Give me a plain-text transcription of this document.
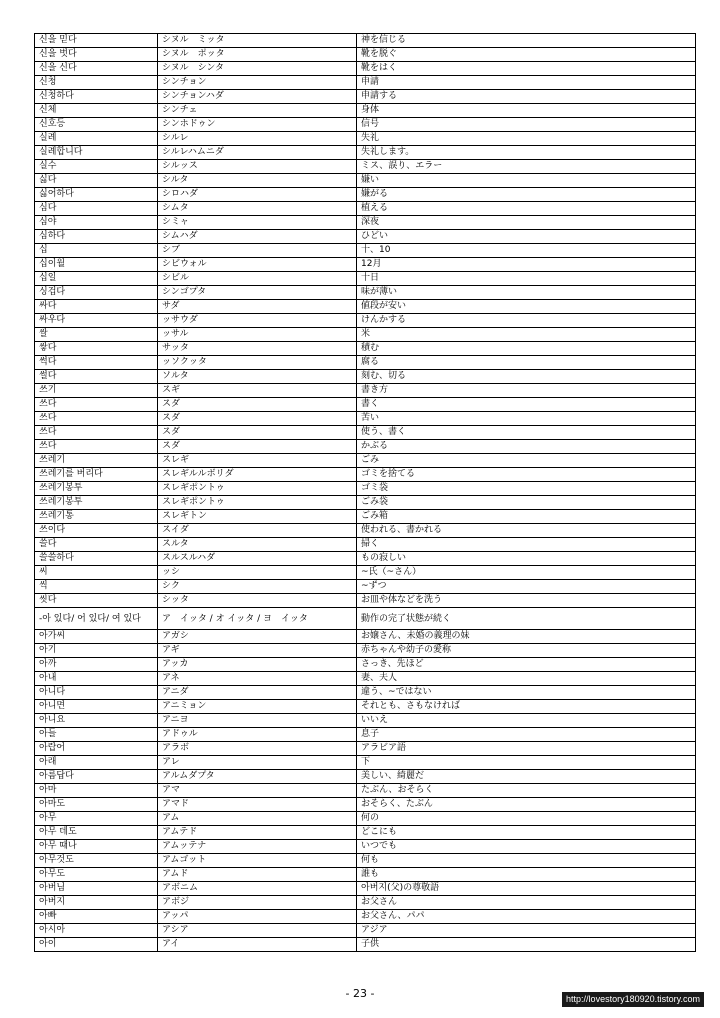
신을 믿다	シヌル　ミッタ	神を信じる
신을 벗다	シヌル　ポッタ	靴を脱ぐ
신을 신다	シヌル　シンタ	靴をはく
신청	シンチョン	申請
신청하다	シンチョンハダ	申請する
신체	シンチェ	身体
신호등	シンホドゥン	信号
실례	シルレ	失礼
실례합니다	シルレハムニダ	失礼します。
실수	シルッス	ミス、誤り、エラー
싫다	シルタ	嫌い
싫어하다	シロハダ	嫌がる
심다	シムタ	植える
심야	シミャ	深夜
심하다	シムハダ	ひどい
십	シブ	十、10
십이월	シビウォル	12月
십일	シビル	十日
싱겁다	シンゴプタ	味が薄い
싸다	サダ	値段が安い
싸우다	ッサウダ	けんかする
쌀	ッサル	米
쌓다	サッタ	積む
썩다	ッソクッタ	腐る
썰다	ソルタ	刻む、切る
쓰기	スギ	書き方
쓰다	スダ	書く
쓰다	スダ	苦い
쓰다	スダ	使う、書く
쓰다	スダ	かぶる
쓰레기	スレギ	ごみ
쓰레기를 버리다	スレギルルボリダ	ゴミを捨てる
쓰레기봉투	スレギポントゥ	ゴミ袋
쓰레기봉투	スレギポントゥ	ごみ袋
쓰레기통	スレギトン	ごみ箱
쓰이다	スイダ	使われる、書かれる
쓸다	スルタ	掃く
쓸쓸하다	スルスルハダ	もの寂しい
씨	ッシ	~氏（~さん）
씩	シク	~ずつ
씻다	シッタ	お皿や体などを洗う
-아 있다/ 어 있다/ 여 있다	ア　イッタ / オ イッタ / ヨ　イッタ	動作の完了状態が続く
아가씨	アガシ	お嬢さん、未婚の義理の妹
아기	アギ	赤ちゃんや幼子の愛称
아까	アッカ	さっき、先ほど
아내	アネ	妻、夫人
아니다	アニダ	違う、~ではない
아니면	アニミョン	それとも、さもなければ
아니요	アニヨ	いいえ
아들	アドゥル	息子
아랍어	アラボ	アラビア語
아래	アレ	下
아름답다	アルムダプタ	美しい、綺麗だ
아마	アマ	たぶん、おそらく
아마도	アマド	おそらく、たぶん
아무	アム	何の
아무 데도	アムテド	どこにも
아무 때나	アムッテナ	いつでも
아무것도	アムゴット	何も
아무도	アムド	誰も
아버님	アボニム	아버지(父)の尊敬語
아버지	アボジ	お父さん
아빠	アッパ	お父さん、パパ
아시아	アシア	アジア
아이	アイ	子供
- 23 -	http://lovestory180920.tistory.com
